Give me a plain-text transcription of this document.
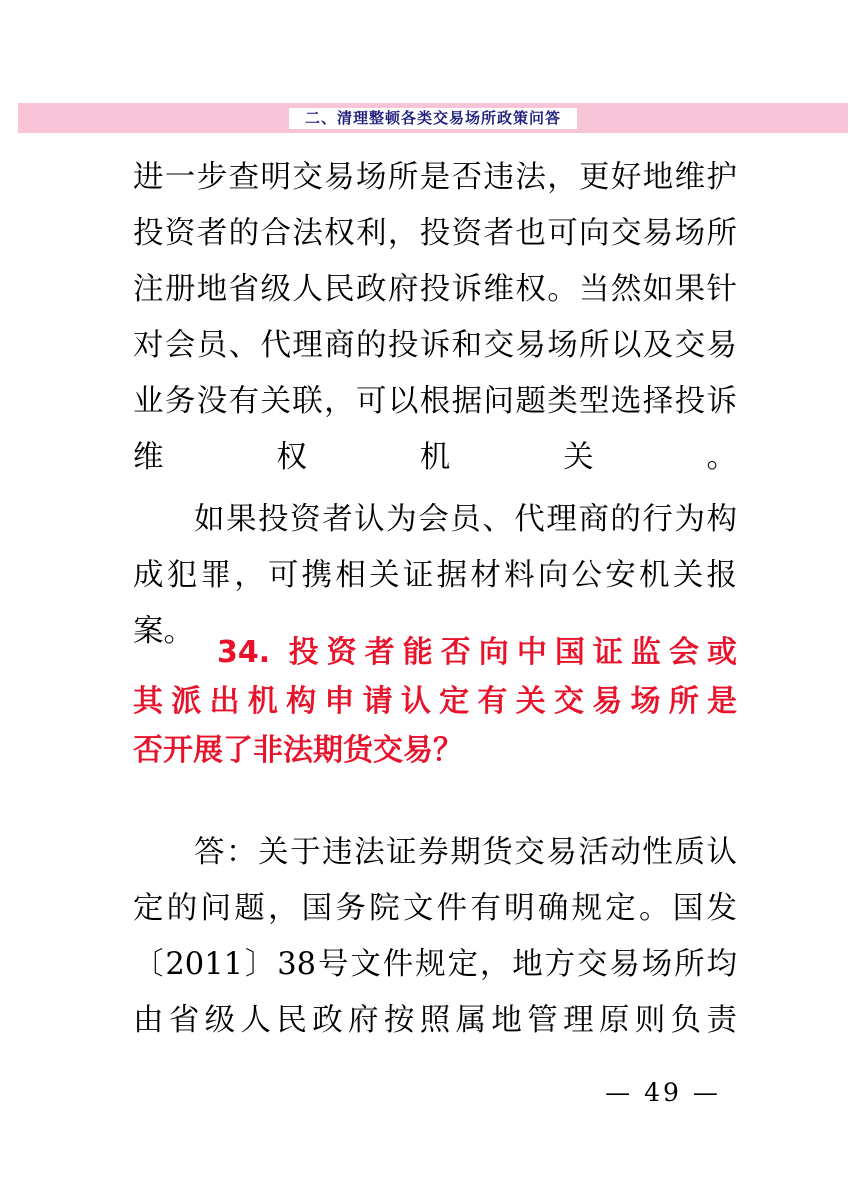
二、清理整顿各类交易场所政策问答

进一步查明交易场所是否违法，更好地维护投资者的合法权利，投资者也可向交易场所注册地省级人民政府投诉维权。当然如果针对会员、代理商的投诉和交易场所以及交易业务没有关联，可以根据问题类型选择投诉维权机关。

如果投资者认为会员、代理商的行为构成犯罪，可携相关证据材料向公安机关报案。

34. 投资者能否向中国证监会或
其派出机构申请认定有关交易场所是
否开展了非法期货交易？

答：关于违法证券期货交易活动性质认定的问题，国务院文件有明确规定。国发〔2011〕38号文件规定，地方交易场所均由省级人民政府按照属地管理原则负责

— 49 —
